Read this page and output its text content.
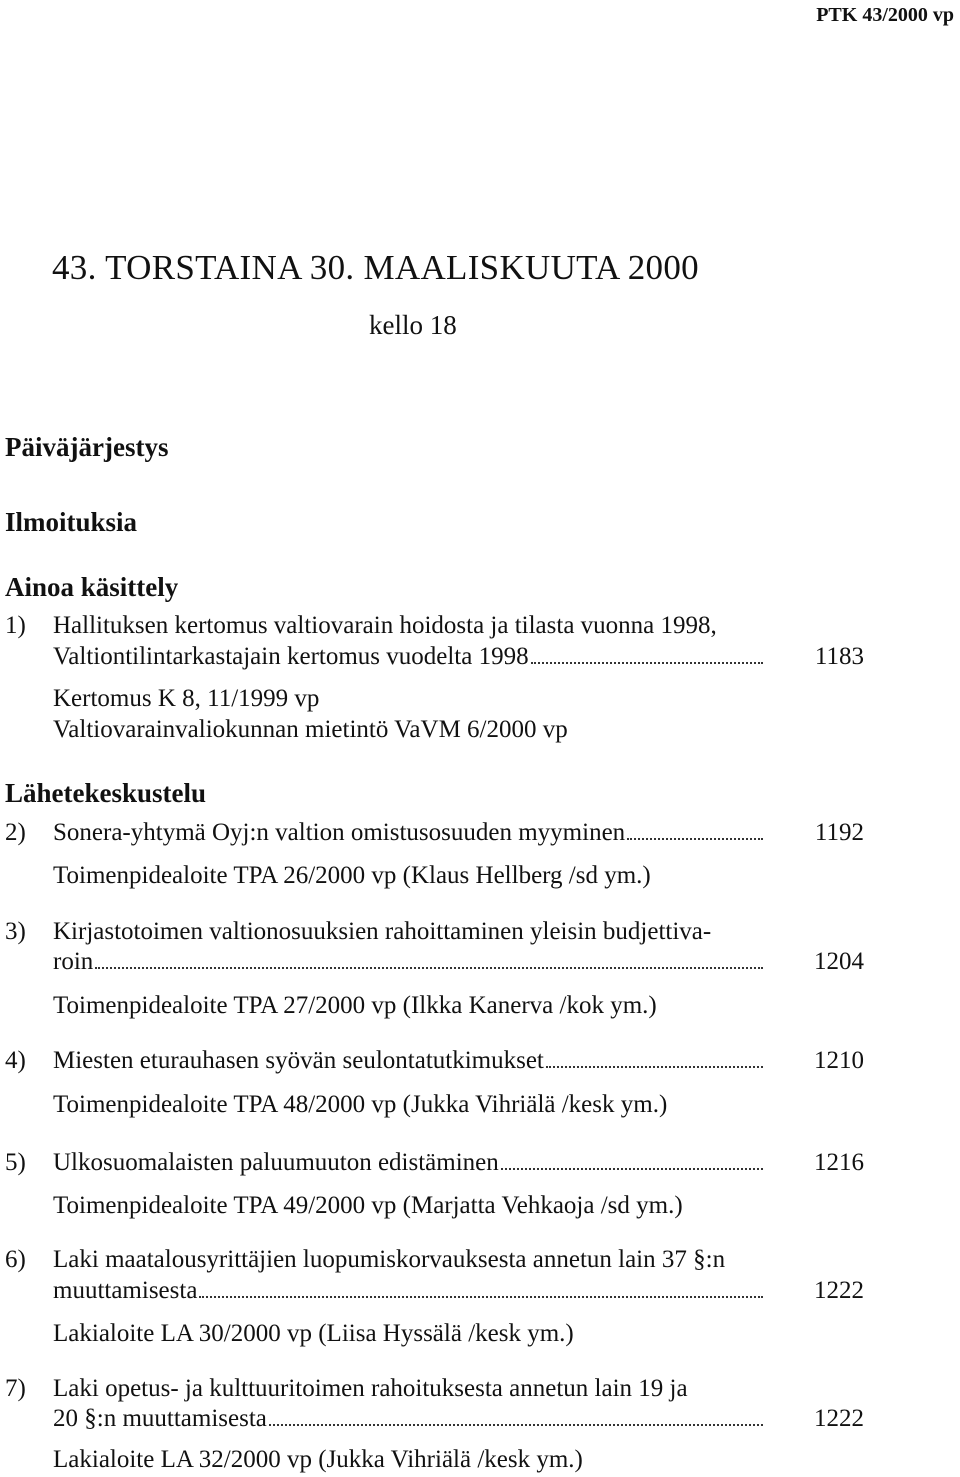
PTK 43/2000 vp
43. TORSTAINA 30. MAALISKUUTA 2000
kello 18
Päiväjärjestys
Ilmoituksia
Ainoa käsittely
1) Hallituksen kertomus valtiovarain hoidosta ja tilasta vuonna 1998,
Valtiontilintarkastajain kertomus vuodelta 1998	1183
Kertomus K 8, 11/1999 vp
Valtiovarainvaliokunnan mietintö VaVM 6/2000 vp
Lähetekeskustelu
2) Sonera-yhtymä Oyj:n valtion omistusosuuden myyminen	1192
Toimenpidealoite TPA 26/2000 vp (Klaus Hellberg /sd ym.)
3) Kirjastotoimen valtionosuuksien rahoittaminen yleisin budjettiva-
roin	1204
Toimenpidealoite TPA 27/2000 vp (Ilkka Kanerva /kok ym.)
4) Miesten eturauhasen syövän seulontatutkimukset	1210
Toimenpidealoite TPA 48/2000 vp (Jukka Vihriälä /kesk ym.)
5) Ulkosuomalaisten paluumuuton edistäminen	1216
Toimenpidealoite TPA 49/2000 vp (Marjatta Vehkaoja /sd ym.)
6) Laki maatalousyrittäjien luopumiskorvauksesta annetun lain 37 §:n
muuttamisesta	1222
Lakialoite LA 30/2000 vp (Liisa Hyssälä /kesk ym.)
7) Laki opetus- ja kulttuuritoimen rahoituksesta annetun lain 19 ja
20 §:n muuttamisesta	1222
Lakialoite LA 32/2000 vp (Jukka Vihriälä /kesk ym.)
